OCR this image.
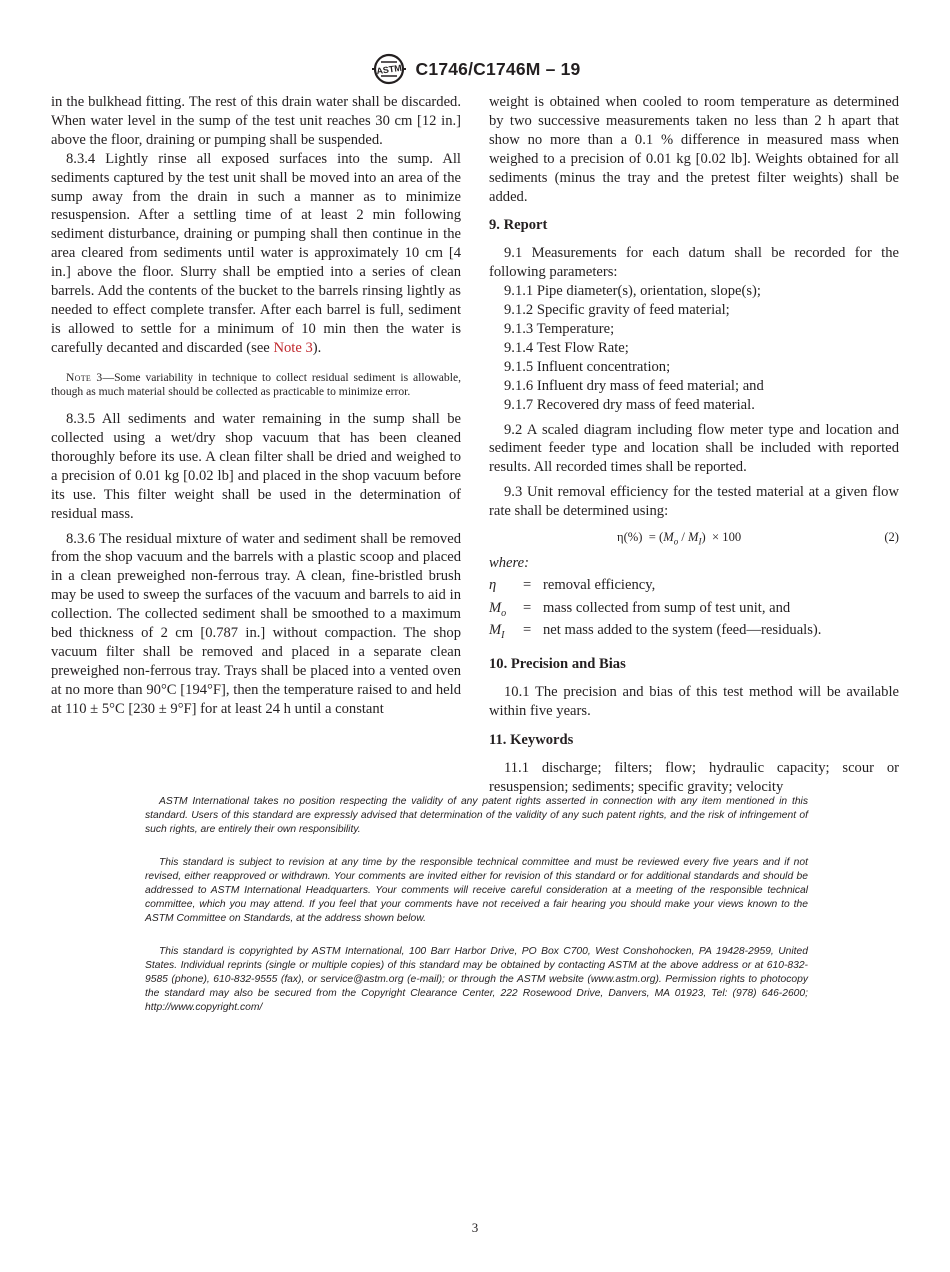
ASTM C1746/C1746M – 19

in the bulkhead fitting. The rest of this drain water shall be discarded. When water level in the sump of the test unit reaches 30 cm [12 in.] above the floor, draining or pumping shall be suspended.

8.3.4 Lightly rinse all exposed surfaces into the sump. All sediments captured by the test unit shall be moved into an area of the sump away from the drain in such a manner as to minimize resuspension. After a settling time of at least 2 min following sediment disturbance, draining or pumping shall then continue in the area cleared from sediments until water is approximately 10 cm [4 in.] above the floor. Slurry shall be emptied into a series of clean barrels. Add the contents of the bucket to the barrels rinsing lightly as needed to effect complete transfer. After each barrel is full, sediment is allowed to settle for a minimum of 10 min then the water is carefully decanted and discarded (see Note 3).

Note 3—Some variability in technique to collect residual sediment is allowable, though as much material should be collected as practicable to minimize error.

8.3.5 All sediments and water remaining in the sump shall be collected using a wet/dry shop vacuum that has been cleaned thoroughly before its use. A clean filter shall be dried and weighed to a precision of 0.01 kg [0.02 lb] and placed in the shop vacuum before its use. This filter weight shall be used in the determination of residual mass.

8.3.6 The residual mixture of water and sediment shall be removed from the shop vacuum and the barrels with a plastic scoop and placed in a clean preweighed non-ferrous tray. A clean, fine-bristled brush may be used to sweep the surfaces of the vacuum and barrels to aid in collection. The collected sediment shall be smoothed to a maximum bed thickness of 2 cm [0.787 in.] without compaction. The shop vacuum filter shall be removed and placed in a separate clean preweighed non-ferrous tray. Trays shall be placed into a vented oven at no more than 90°C [194°F], then the temperature raised to and held at 110 ± 5°C [230 ± 9°F] for at least 24 h until a constant

weight is obtained when cooled to room temperature as determined by two successive measurements taken no less than 2 h apart that show no more than a 0.1 % difference in measured mass when weighed to a precision of 0.01 kg [0.02 lb]. Weights obtained for all sediments (minus the tray and the pretest filter weights) shall be added.

9. Report

9.1 Measurements for each datum shall be recorded for the following parameters:

9.1.1 Pipe diameter(s), orientation, slope(s);

9.1.2 Specific gravity of feed material;

9.1.3 Temperature;

9.1.4 Test Flow Rate;

9.1.5 Influent concentration;

9.1.6 Influent dry mass of feed material; and

9.1.7 Recovered dry mass of feed material.

9.2 A scaled diagram including flow meter type and location and sediment feeder type and location shall be included with reported results. All recorded times shall be reported.

9.3 Unit removal efficiency for the tested material at a given flow rate shall be determined using:

$\eta(\%) = (M_o / M_I) \times 100$	(2)

where:

η	=	removal efficiency,
$M_o$	=	mass collected from sump of test unit, and
$M_I$	=	net mass added to the system (feed—residuals).

10. Precision and Bias

10.1 The precision and bias of this test method will be available within five years.

11. Keywords

11.1 discharge; filters; flow; hydraulic capacity; scour or resuspension; sediments; specific gravity; velocity

ASTM International takes no position respecting the validity of any patent rights asserted in connection with any item mentioned in this standard. Users of this standard are expressly advised that determination of the validity of any such patent rights, and the risk of infringement of such rights, are entirely their own responsibility.

This standard is subject to revision at any time by the responsible technical committee and must be reviewed every five years and if not revised, either reapproved or withdrawn. Your comments are invited either for revision of this standard or for additional standards and should be addressed to ASTM International Headquarters. Your comments will receive careful consideration at a meeting of the responsible technical committee, which you may attend. If you feel that your comments have not received a fair hearing you should make your views known to the ASTM Committee on Standards, at the address shown below.

This standard is copyrighted by ASTM International, 100 Barr Harbor Drive, PO Box C700, West Conshohocken, PA 19428-2959, United States. Individual reprints (single or multiple copies) of this standard may be obtained by contacting ASTM at the above address or at 610-832-9585 (phone), 610-832-9555 (fax), or service@astm.org (e-mail); or through the ASTM website (www.astm.org). Permission rights to photocopy the standard may also be secured from the Copyright Clearance Center, 222 Rosewood Drive, Danvers, MA 01923, Tel: (978) 646-2600; http://www.copyright.com/

3
